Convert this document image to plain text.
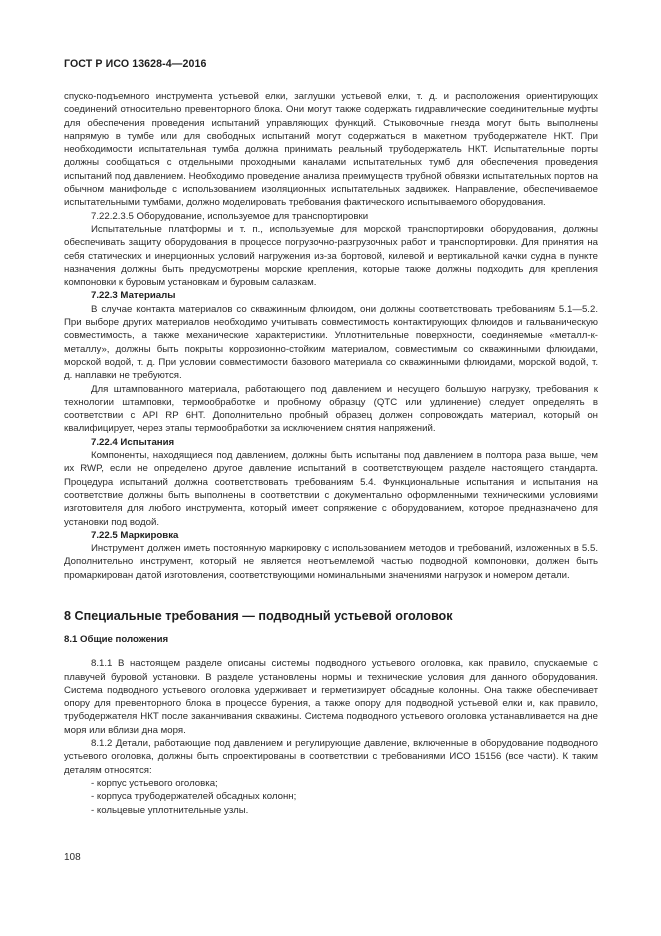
ГОСТ Р ИСО 13628-4—2016

спуско-подъемного инструмента устьевой елки, заглушки устьевой елки, т. д. и расположения ориентирующих соединений относительно превенторного блока. Они могут также содержать гидравлические соединительные муфты для обеспечения проведения испытаний управляющих функций. Стыковочные гнезда могут быть выполнены напрямую в тумбе или для свободных испытаний могут содержаться в макетном трубодержателе НКТ. При необходимости испытательная тумба должна принимать реальный трубодержатель НКТ. Испытательные порты должны сообщаться с отдельными проходными каналами испытательных тумб для обеспечения проведения испытаний под давлением. Необходимо проведение анализа преимуществ трубной обвязки испытательных портов на обычном манифольде с использованием изоляционных испытательных задвижек. Направление, обеспечиваемое испытательными тумбами, должно моделировать требования фактического испытываемого оборудования.

7.22.2.3.5 Оборудование, используемое для транспортировки

Испытательные платформы и т. п., используемые для морской транспортировки оборудования, должны обеспечивать защиту оборудования в процессе погрузочно-разгрузочных работ и транспортировки. Для принятия на себя статических и инерционных условий нагружения из-за бортовой, килевой и вертикальной качки судна в пункте назначения должны быть предусмотрены морские крепления, которые также должны подходить для крепления компоновки к буровым установкам и буровым салазкам.

7.22.3 Материалы

В случае контакта материалов со скважинным флюидом, они должны соответствовать требованиям 5.1—5.2. При выборе других материалов необходимо учитывать совместимость контактирующих флюидов и гальваническую совместимость, а также механические характеристики. Уплотнительные поверхности, соединяемые «металл-к-металлу», должны быть покрыты коррозионно-стойким материалом, совместимым со скважинными флюидами, морской водой, т. д. При условии совместимости базового материала со скважинными флюидами, морской водой, т. д. наплавки не требуются.

Для штампованного материала, работающего под давлением и несущего большую нагрузку, требования к технологии штамповки, термообработке и пробному образцу (QTC или удлинение) следует определять в соответствии с API RP 6HT. Дополнительно пробный образец должен сопровождать материал, который он квалифицирует, через этапы термообработки за исключением снятия напряжений.

7.22.4 Испытания

Компоненты, находящиеся под давлением, должны быть испытаны под давлением в полтора раза выше, чем их RWP, если не определено другое давление испытаний в соответствующем разделе настоящего стандарта. Процедура испытаний должна соответствовать требованиям 5.4. Функциональные испытания и испытания на соответствие должны быть выполнены в соответствии с документально оформленными техническими условиями изготовителя для любого инструмента, который имеет сопряжение с оборудованием, которое предназначено для установки под водой.

7.22.5 Маркировка

Инструмент должен иметь постоянную маркировку с использованием методов и требований, изложенных в 5.5. Дополнительно инструмент, который не является неотъемлемой частью подводной компоновки, должен быть промаркирован датой изготовления, соответствующими номинальными значениями нагрузок и номером детали.

8 Специальные требования — подводный устьевой оголовок
8.1 Общие положения

8.1.1 В настоящем разделе описаны системы подводного устьевого оголовка, как правило, спускаемые с плавучей буровой установки. В разделе установлены нормы и технические условия для данного оборудования. Система подводного устьевого оголовка удерживает и герметизирует обсадные колонны. Она также обеспечивает опору для превенторного блока в процессе бурения, а также опору для подводной устьевой елки и, как правило, трубодержателя НКТ после заканчивания скважины. Система подводного устьевого оголовка устанавливается на дне моря или вблизи дна моря.

8.1.2 Детали, работающие под давлением и регулирующие давление, включенные в оборудование подводного устьевого оголовка, должны быть спроектированы в соответствии с требованиями ИСО 15156 (все части). К таким деталям относятся:

- корпус устьевого оголовка;

- корпуса трубодержателей обсадных колонн;

- кольцевые уплотнительные узлы.

108
